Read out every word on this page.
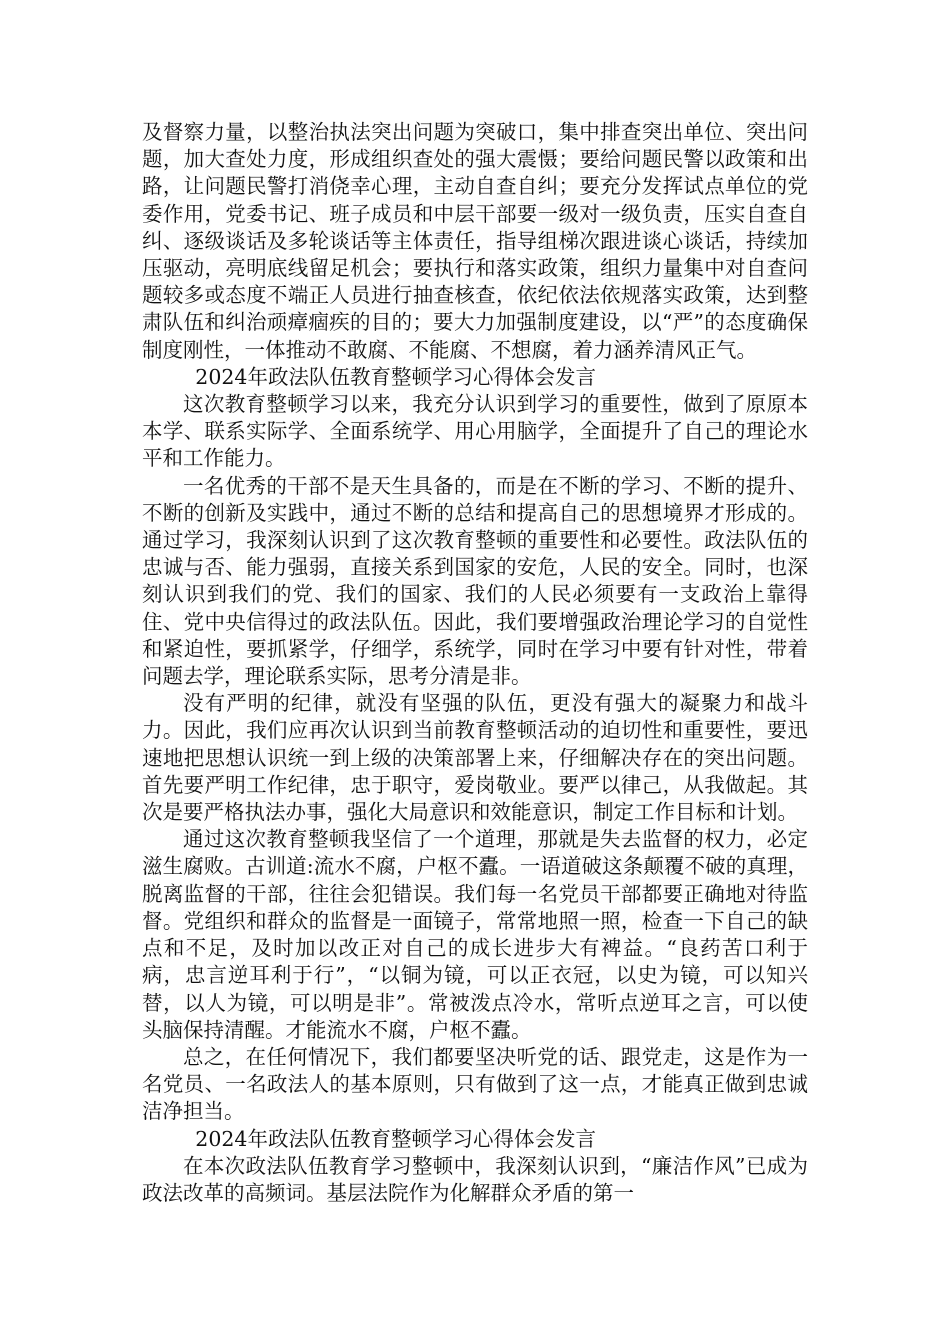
及督察力量，以整治执法突出问题为突破口，集中排查突出单位、突出问题，加大查处力度，形成组织查处的强大震慑；要给问题民警以政策和出路，让问题民警打消侥幸心理，主动自查自纠；要充分发挥试点单位的党委作用，党委书记、班子成员和中层干部要一级对一级负责，压实自查自纠、逐级谈话及多轮谈话等主体责任，指导组梯次跟进谈心谈话，持续加压驱动，亮明底线留足机会；要执行和落实政策，组织力量集中对自查问题较多或态度不端正人员进行抽查核查，依纪依法依规落实政策，达到整肃队伍和纠治顽瘴痼疾的目的；要大力加强制度建设，以“严”的态度确保制度刚性，一体推动不敢腐、不能腐、不想腐，着力涵养清风正气。

2024年政法队伍教育整顿学习心得体会发言

这次教育整顿学习以来，我充分认识到学习的重要性，做到了原原本本学、联系实际学、全面系统学、用心用脑学，全面提升了自己的理论水平和工作能力。

一名优秀的干部不是天生具备的，而是在不断的学习、不断的提升、不断的创新及实践中，通过不断的总结和提高自己的思想境界才形成的。通过学习，我深刻认识到了这次教育整顿的重要性和必要性。政法队伍的忠诚与否、能力强弱，直接关系到国家的安危，人民的安全。同时，也深刻认识到我们的党、我们的国家、我们的人民必须要有一支政治上靠得住、党中央信得过的政法队伍。因此，我们要增强政治理论学习的自觉性和紧迫性，要抓紧学，仔细学，系统学，同时在学习中要有针对性，带着问题去学，理论联系实际，思考分清是非。

没有严明的纪律，就没有坚强的队伍，更没有强大的凝聚力和战斗力。因此，我们应再次认识到当前教育整顿活动的迫切性和重要性，要迅速地把思想认识统一到上级的决策部署上来，仔细解决存在的突出问题。首先要严明工作纪律，忠于职守，爱岗敬业。要严以律己，从我做起。其次是要严格执法办事，强化大局意识和效能意识，制定工作目标和计划。

通过这次教育整顿我坚信了一个道理，那就是失去监督的权力，必定滋生腐败。古训道:流水不腐，户枢不蠹。一语道破这条颠覆不破的真理，脱离监督的干部，往往会犯错误。我们每一名党员干部都要正确地对待监督。党组织和群众的监督是一面镜子，常常地照一照，检查一下自己的缺点和不足，及时加以改正对自己的成长进步大有裨益。“良药苦口利于病，忠言逆耳利于行”，“以铜为镜，可以正衣冠，以史为镜，可以知兴替，以人为镜，可以明是非”。常被泼点冷水，常听点逆耳之言，可以使头脑保持清醒。才能流水不腐，户枢不蠹。

总之，在任何情况下，我们都要坚决听党的话、跟党走，这是作为一名党员、一名政法人的基本原则，只有做到了这一点，才能真正做到忠诚洁净担当。

2024年政法队伍教育整顿学习心得体会发言

在本次政法队伍教育学习整顿中，我深刻认识到，“廉洁作风”已成为政法改革的高频词。基层法院作为化解群众矛盾的第一
